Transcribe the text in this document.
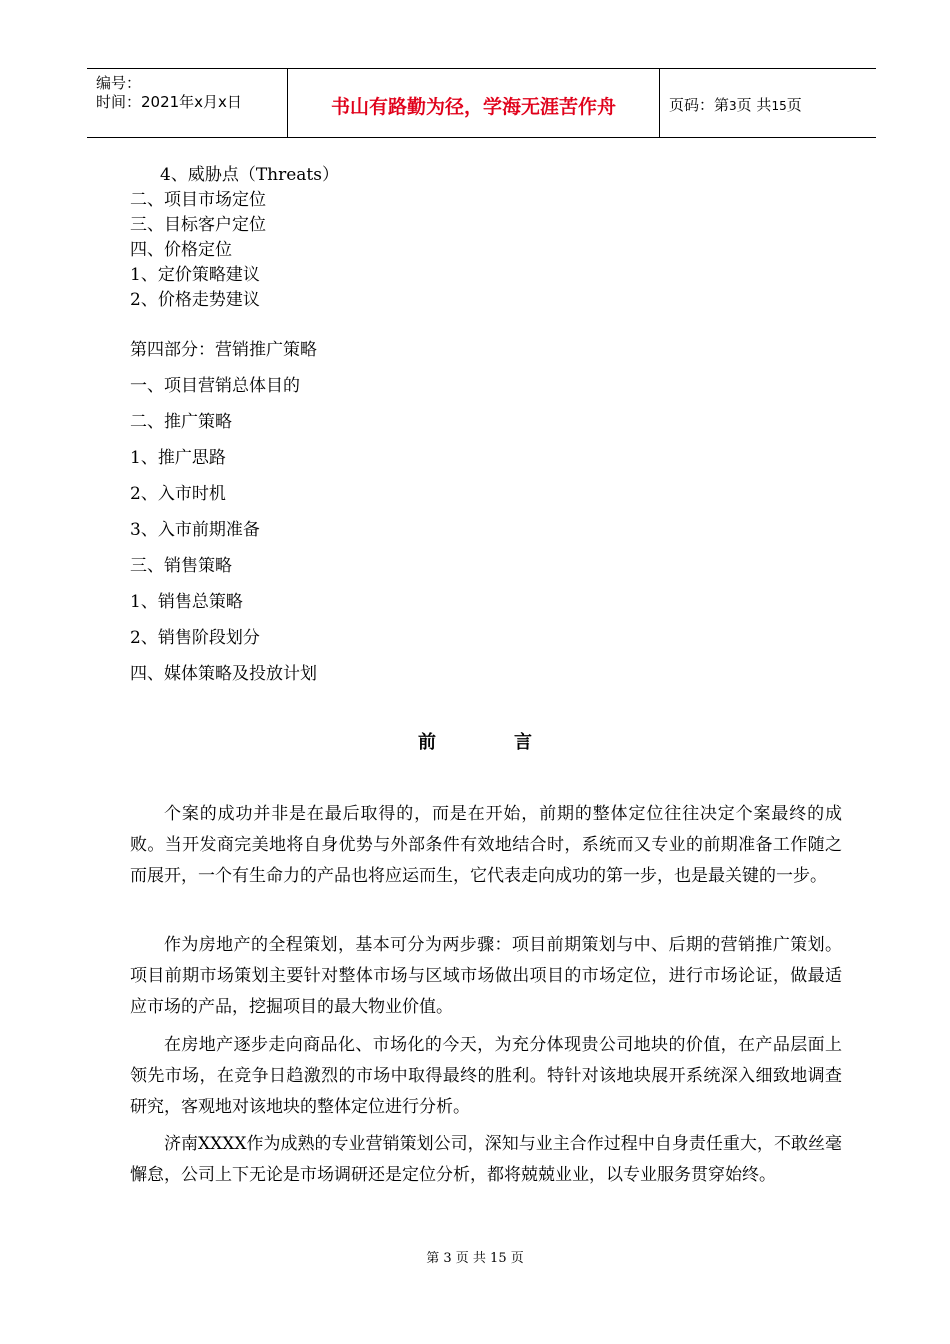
编号：
时间：2021年x月x日	书山有路勤为径，学海无涯苦作舟	页码：第3页 共15页
4、威胁点（Threats）
二、项目市场定位
三、目标客户定位
四、价格定位
1、定价策略建议
2、价格走势建议
第四部分：营销推广策略
一、项目营销总体目的
二、推广策略
1、推广思路
2、入市时机
3、入市前期准备
三、销售策略
1、销售总策略
2、销售阶段划分
四、媒体策略及投放计划
前	言
个案的成功并非是在最后取得的，而是在开始，前期的整体定位往往决定个案最终的成败。当开发商完美地将自身优势与外部条件有效地结合时，系统而又专业的前期准备工作随之而展开，一个有生命力的产品也将应运而生，它代表走向成功的第一步，也是最关键的一步。
作为房地产的全程策划，基本可分为两步骤：项目前期策划与中、后期的营销推广策划。项目前期市场策划主要针对整体市场与区域市场做出项目的市场定位，进行市场论证，做最适应市场的产品，挖掘项目的最大物业价值。
在房地产逐步走向商品化、市场化的今天，为充分体现贵公司地块的价值，在产品层面上领先市场，在竞争日趋激烈的市场中取得最终的胜利。特针对该地块展开系统深入细致地调查研究，客观地对该地块的整体定位进行分析。
济南XXXX作为成熟的专业营销策划公司，深知与业主合作过程中自身责任重大，不敢丝毫懈怠，公司上下无论是市场调研还是定位分析，都将兢兢业业，以专业服务贯穿始终。
第 3 页 共 15 页
